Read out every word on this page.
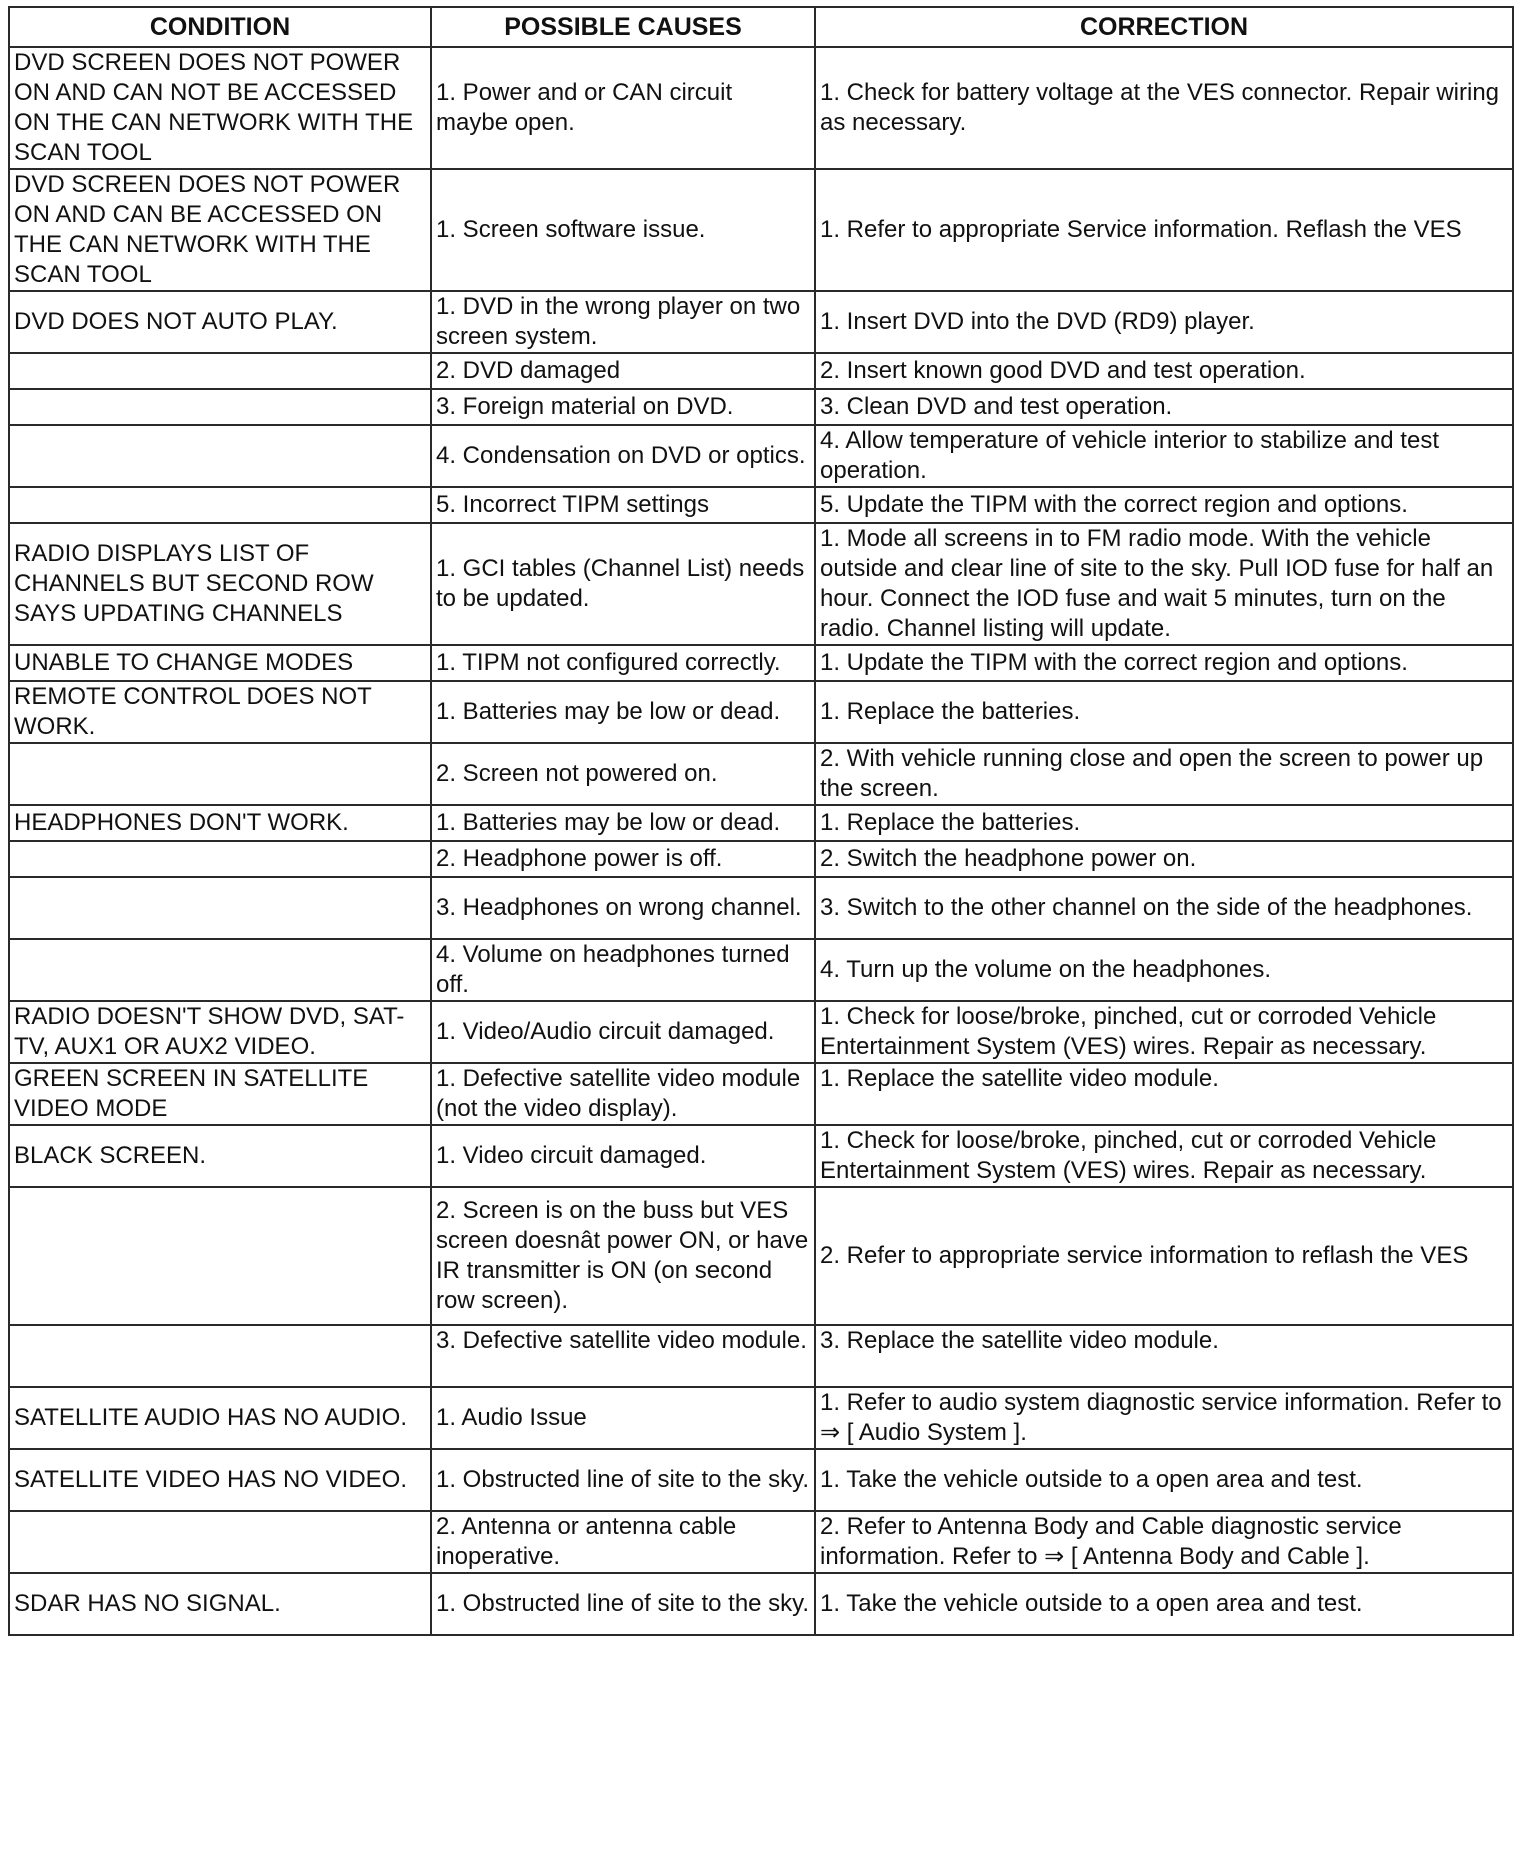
CONDITION	POSSIBLE CAUSES	CORRECTION
DVD SCREEN DOES NOT POWER ON AND CAN NOT BE ACCESSED ON THE CAN NETWORK WITH THE SCAN TOOL	1. Power and or CAN circuit maybe open.	1. Check for battery voltage at the VES connector. Repair wiring as necessary.
DVD SCREEN DOES NOT POWER ON AND CAN BE ACCESSED ON THE CAN NETWORK WITH THE SCAN TOOL	1. Screen software issue.	1. Refer to appropriate Service information. Reflash the VES
DVD DOES NOT AUTO PLAY.	1. DVD in the wrong player on two screen system.	1. Insert DVD into the DVD (RD9) player.
	2. DVD damaged	2. Insert known good DVD and test operation.
	3. Foreign material on DVD.	3. Clean DVD and test operation.
	4. Condensation on DVD or optics.	4. Allow temperature of vehicle interior to stabilize and test operation.
	5. Incorrect TIPM settings	5. Update the TIPM with the correct region and options.
RADIO DISPLAYS LIST OF CHANNELS BUT SECOND ROW SAYS UPDATING CHANNELS	1. GCI tables (Channel List) needs to be updated.	1. Mode all screens in to FM radio mode. With the vehicle outside and clear line of site to the sky. Pull IOD fuse for half an hour. Connect the IOD fuse and wait 5 minutes, turn on the radio. Channel listing will update.
UNABLE TO CHANGE MODES	1. TIPM not configured correctly.	1. Update the TIPM with the correct region and options.
REMOTE CONTROL DOES NOT WORK.	1. Batteries may be low or dead.	1. Replace the batteries.
	2. Screen not powered on.	2. With vehicle running close and open the screen to power up the screen.
HEADPHONES DON'T WORK.	1. Batteries may be low or dead.	1. Replace the batteries.
	2. Headphone power is off.	2. Switch the headphone power on.
	3. Headphones on wrong channel.	3. Switch to the other channel on the side of the headphones.
	4. Volume on headphones turned off.	4. Turn up the volume on the headphones.
RADIO DOESN'T SHOW DVD, SAT-TV, AUX1 OR AUX2 VIDEO.	1. Video/Audio circuit damaged.	1. Check for loose/broke, pinched, cut or corroded Vehicle Entertainment System (VES) wires. Repair as necessary.
GREEN SCREEN IN SATELLITE VIDEO MODE	1. Defective satellite video module (not the video display).	1. Replace the satellite video module.
BLACK SCREEN.	1. Video circuit damaged.	1. Check for loose/broke, pinched, cut or corroded Vehicle Entertainment System (VES) wires. Repair as necessary.
	2. Screen is on the buss but VES screen doesnât power ON, or have IR transmitter is ON (on second row screen).	2. Refer to appropriate service information to reflash the VES
	3. Defective satellite video module.	3. Replace the satellite video module.
SATELLITE AUDIO HAS NO AUDIO.	1. Audio Issue	1. Refer to audio system diagnostic service information. Refer to ⇒ [ Audio System ].
SATELLITE VIDEO HAS NO VIDEO.	1. Obstructed line of site to the sky.	1. Take the vehicle outside to a open area and test.
	2. Antenna or antenna cable inoperative.	2. Refer to Antenna Body and Cable diagnostic service information. Refer to ⇒ [ Antenna Body and Cable ].
SDAR HAS NO SIGNAL.	1. Obstructed line of site to the sky.	1. Take the vehicle outside to a open area and test.
